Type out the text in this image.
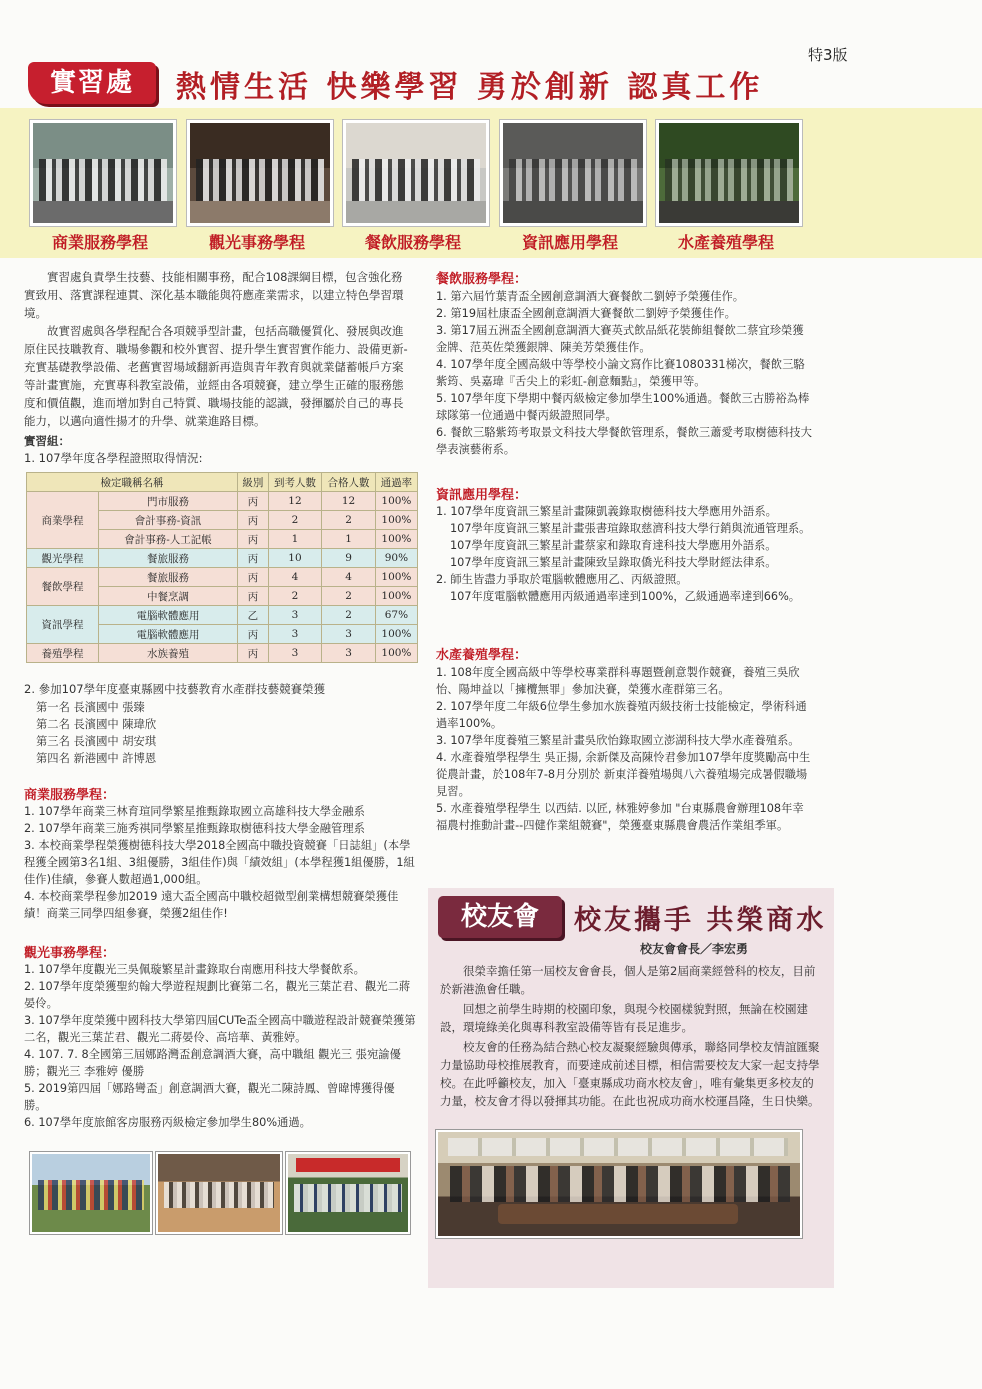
特3版
實習處	熱情生活 快樂學習 勇於創新 認真工作
商業服務學程	觀光事務學程	餐飲服務學程	資訊應用學程	水產養殖學程
實習處負責學生技藝、技能相關事務，配合108課綱目標，包含強化務實致用、落實課程連貫、深化基本職能與符應產業需求，以建立特色學習環境。
故實習處與各學程配合各項競爭型計畫，包括高職優質化、發展與改進原住民技職教育、職場參觀和校外實習、提升學生實習實作能力、設備更新-充實基礎教學設備、老舊實習場域翻新再造與青年教育與就業儲蓄帳戶方案等計畫實施，充實專科教室設備，並經由各項競賽，建立學生正確的服務態度和價值觀，進而增加對自己特質、職場技能的認識，發揮屬於自己的專長能力，以邁向適性揚才的升學、就業進路目標。
實習組：
1. 107學年度各學程證照取得情況:
檢定職稱名稱		級別	到考人數	合格人數	通過率
商業學程	門市服務	丙	12	12	100%
	會計事務-資訊	丙	2	2	100%
	會計事務-人工記帳	丙	1	1	100%
觀光學程	餐旅服務	丙	10	9	90%
餐飲學程	餐旅服務	丙	4	4	100%
	中餐烹調	丙	2	2	100%
資訊學程	電腦軟體應用	乙	3	2	67%
	電腦軟體應用	丙	3	3	100%
養殖學程	水族養殖	丙	3	3	100%
2. 參加107學年度臺東縣國中技藝教育水產群技藝競賽榮獲
第一名 長濱國中 張臻
第二名 長濱國中 陳瑋欣
第三名 長濱國中 胡安琪
第四名 新港國中 許博恩
商業服務學程：
1. 107學年商業三林育瑄同學繁星推甄錄取國立高雄科技大學金融系
2. 107學年商業三施秀祺同學繁星推甄錄取樹德科技大學金融管理系
3. 本校商業學程榮獲樹德科技大學2018全國高中職投資競賽「日誌組」(本學程獲全國第3名1組、3組優勝，3組佳作)與「績效組」(本學程獲1組優勝，1組佳作)佳績，參賽人數超過1,000組。
4. 本校商業學程參加2019 遠大盃全國高中職校超微型創業構想競賽榮獲佳績！商業三同學四組參賽，榮獲2組佳作!
觀光事務學程：
1. 107學年度觀光三吳佩璇繁星計畫錄取台南應用科技大學餐飲系。
2. 107學年度榮獲聖約翰大學遊程規劃比賽第二名，觀光三葉芷君、觀光二蔣晏伶。
3. 107學年度榮獲中國科技大學第四屆CUTe盃全國高中職遊程設計競賽榮獲第二名，觀光三葉芷君、觀光二蔣晏伶、高培華、黃雅婷。
4. 107. 7. 8全國第三屆娜路灣盃創意調酒大賽，高中職組 觀光三 張宛諭優勝；觀光三 李雅婷 優勝
5. 2019第四屆「娜路彎盃」創意調酒大賽，觀光二陳詩鳳、曾暐博獲得優勝。
6. 107學年度旅館客房服務丙級檢定參加學生80%通過。
餐飲服務學程：
1. 第六屆竹葉青盃全國創意調酒大賽餐飲二劉婷予榮獲佳作。
2. 第19屆杜康盃全國創意調酒大賽餐飲二劉婷予榮獲佳作。
3. 第17屆五洲盃全國創意調酒大賽英式飲品紙花裝飾組餐飲二蔡宜珍榮獲金牌、范英佐榮獲銀牌、陳美芳榮獲佳作。
4. 107學年度全國高級中等學校小論文寫作比賽1080331梯次，餐飲三駱紫筠、吳嘉瑋『舌尖上的彩虹-創意麵點』，榮獲甲等。
5. 107學年度下學期中餐丙級檢定參加學生100%通過。餐飲三古勝裕為棒球隊第一位通過中餐丙級證照同學。
6. 餐飲三駱紫筠考取景文科技大學餐飲管理系，餐飲三蕭愛考取樹德科技大學表演藝術系。
資訊應用學程：
1. 107學年度資訊三繁星計畫陳凱義錄取樹德科技大學應用外語系。
107學年度資訊三繁星計畫張書瑄錄取慈濟科技大學行銷與流通管理系。
107學年度資訊三繁星計畫蔡家和錄取育達科技大學應用外語系。
107學年度資訊三繁星計畫陳致呈錄取僑光科技大學財經法律系。
2. 師生皆盡力爭取於電腦軟體應用乙、丙級證照。
107年度電腦軟體應用丙級通過率達到100%，乙級通過率達到66%。
水產養殖學程：
1. 108年度全國高級中等學校專業群科專題暨創意製作競賽，養殖三吳欣怡、陽坤益以「擁欖無罪」參加決賽，榮獲水產群第三名。
2. 107學年度二年級6位學生參加水族養殖丙級技術士技能檢定，學術科通過率100%。
3. 107學年度養殖三繁星計畫吳欣怡錄取國立澎湖科技大學水產養殖系。
4. 水產養殖學程學生 吳正揚, 余新傑及高陳怜君參加107學年度獎勵高中生從農計畫，於108年7-8月分別於 新東洋養殖場與八六養殖場完成暑假職場見習。
5. 水產養殖學程學生 以西結. 以匠, 林雅婷參加 "台東縣農會辦理108年幸福農村推動計畫--四健作業組競賽"，榮獲臺東縣農會農活作業組季軍。
校友會	校友攜手 共榮商水
校友會會長／李宏勇
很榮幸擔任第一屆校友會會長，個人是第2屆商業經營科的校友，目前於新港漁會任職。
回想之前學生時期的校園印象，與現今校園樣貌對照，無論在校園建設，環境綠美化與專科教室設備等皆有長足進步。
校友會的任務為結合熱心校友凝聚經驗與傳承，聯絡同學校友情誼匯聚力量協助母校推展教育，而要達成前述目標，相信需要校友大家一起支持學校。在此呼籲校友，加入「臺東縣成功商水校友會」，唯有彙集更多校友的力量，校友會才得以發揮其功能。在此也祝成功商水校運昌隆，生日快樂。
